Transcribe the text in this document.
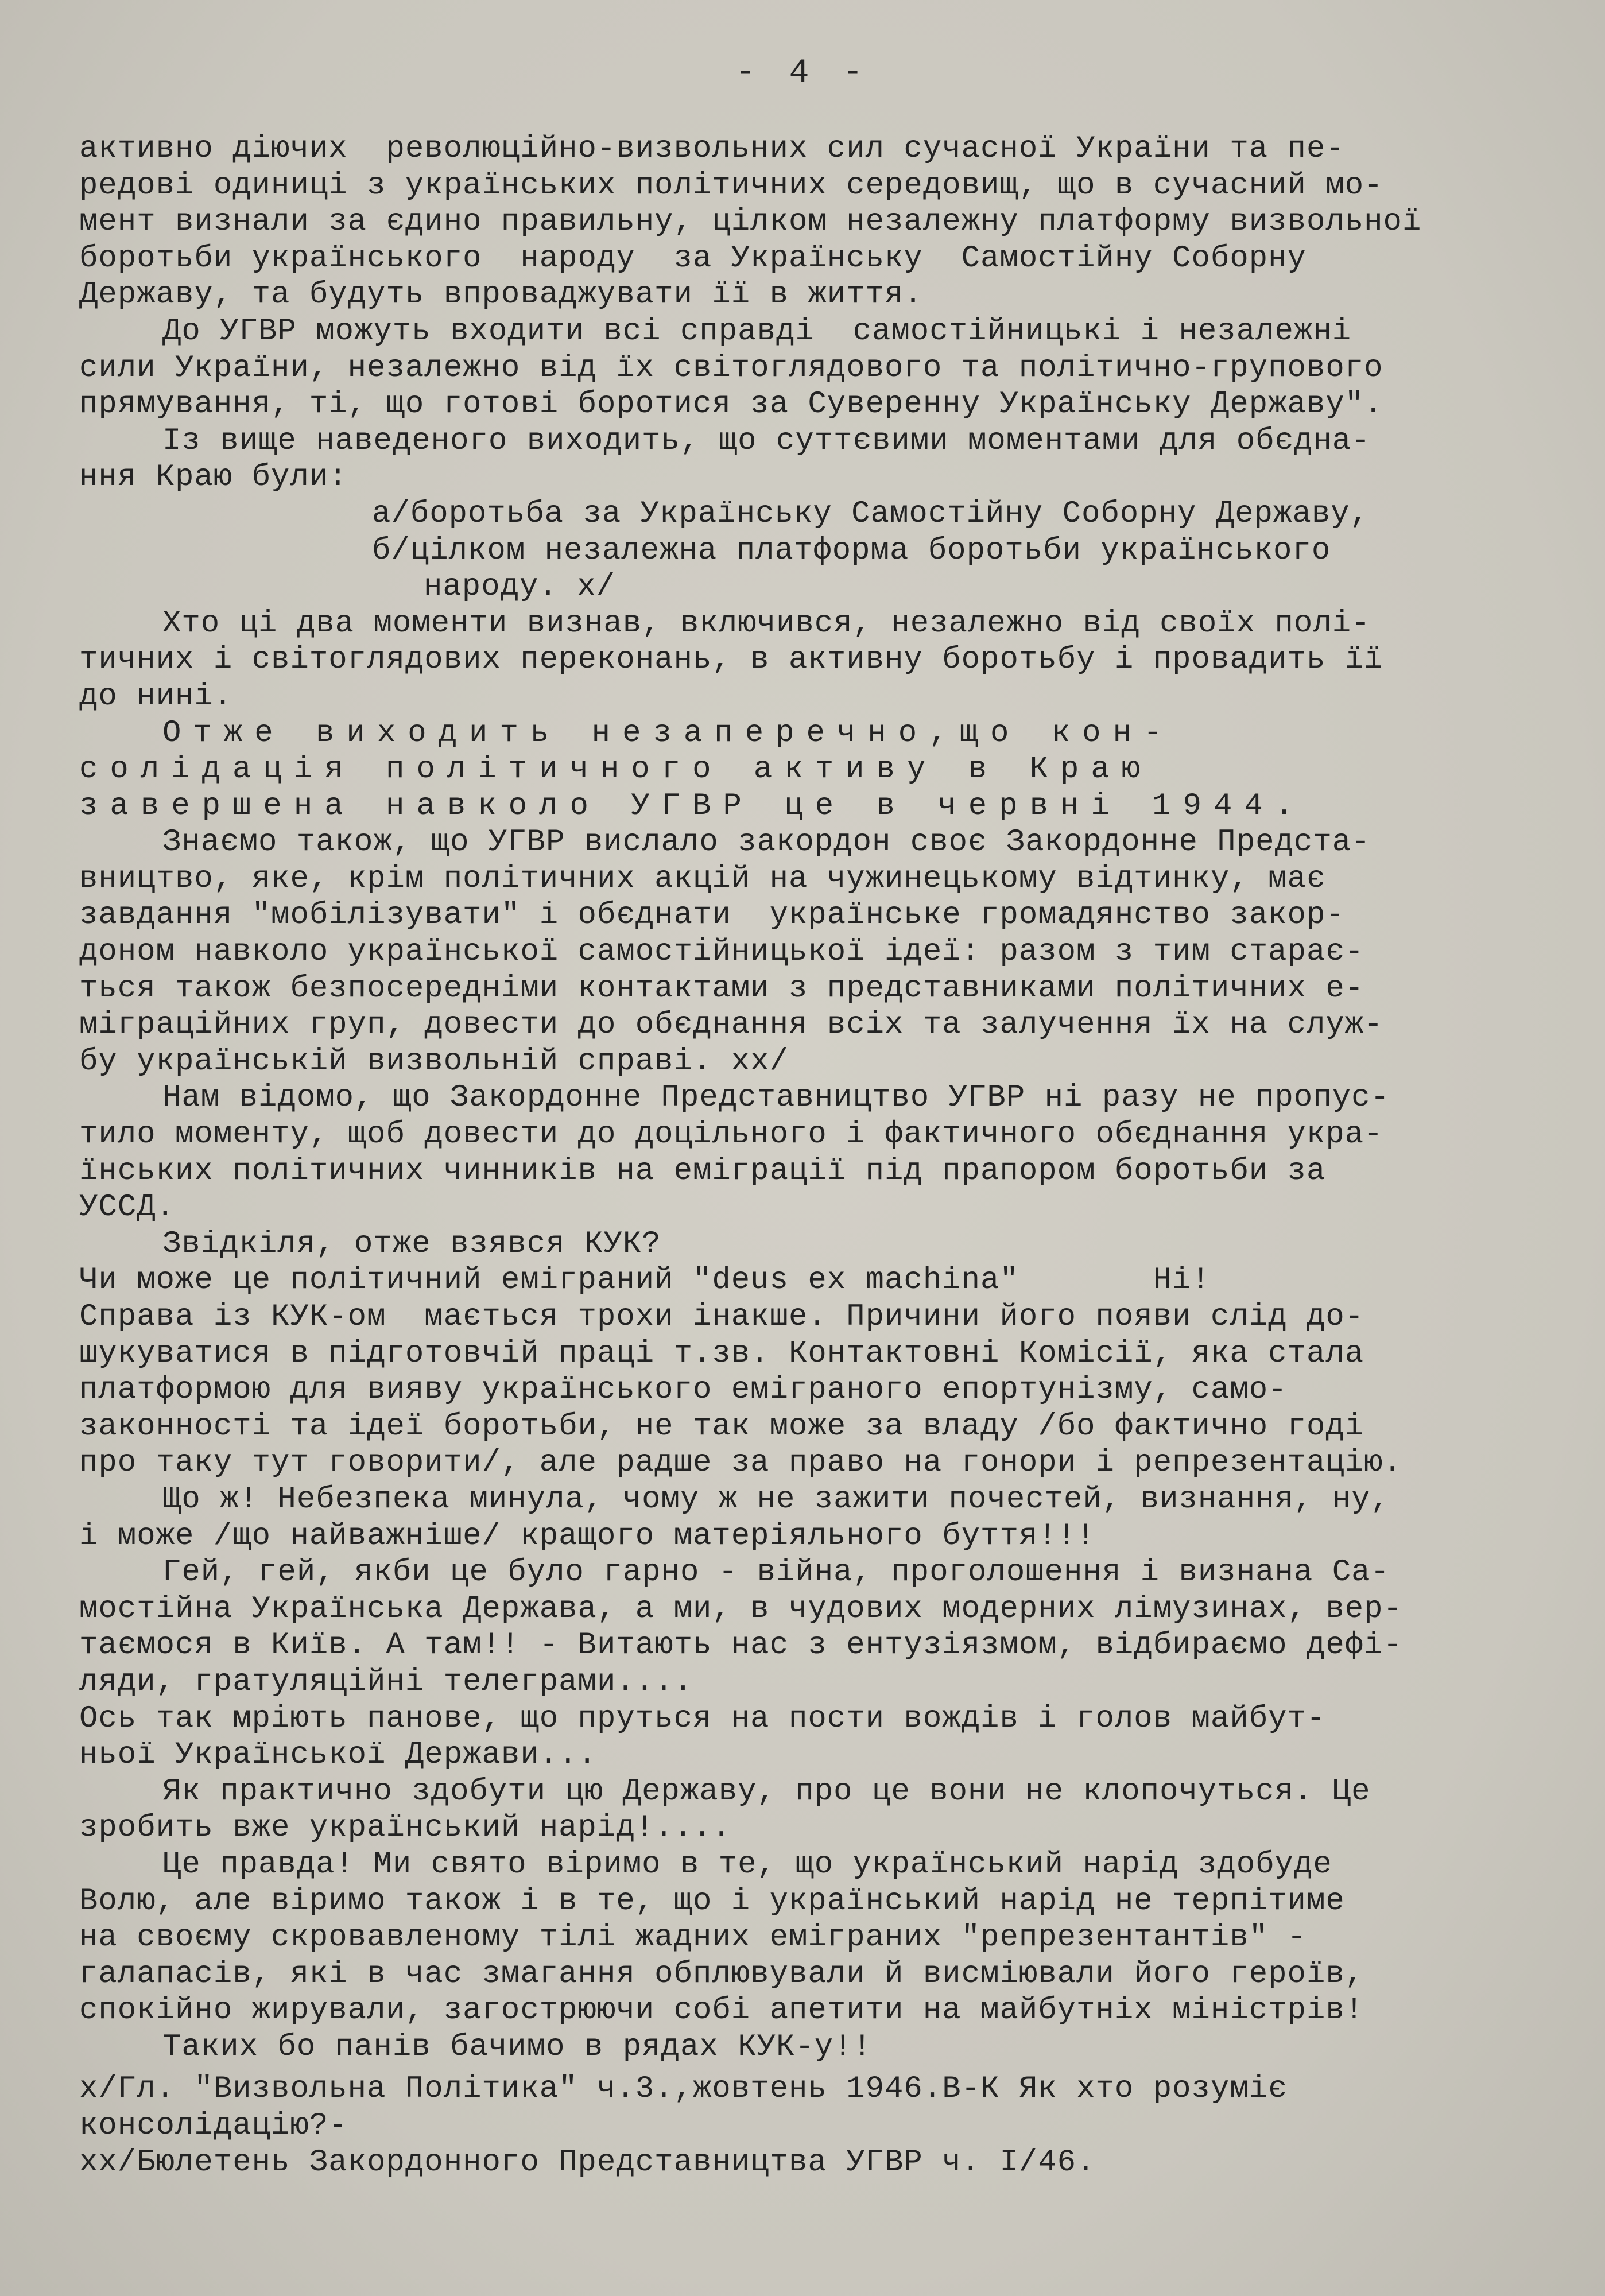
- 4 -
активно діючих  революційно-визвольних сил сучасної України та пе-
редові одиниці з українських політичних середовищ, що в сучасний мо-
мент визнали за єдино правильну, цілком незалежну платформу визвольної
боротьби українського  народу  за Українську  Самостійну Соборну
Державу, та будуть впроваджувати її в життя.
До УГВР можуть входити всі справді  самостійницькі і незалежні
сили України, незалежно від їх світоглядового та політично-групового
прямування, ті, що готові боротися за Суверенну Українську Державу".
Із вище наведеного виходить, що суттєвими моментами для обєдна-
ння Краю були:
а/боротьба за Українську Самостійну Соборну Державу,
б/цілком незалежна платформа боротьби українського
народу. х/
Хто ці два моменти визнав, включився, незалежно від своїх полі-
тичних і світоглядових переконань, в активну боротьбу і провадить її
до нині.
Отже виходить незаперечно,що кон-
солідація політичного активу в Краю
завершена навколо УГВР це в червні 1944.
Знаємо також, що УГВР вислало закордон своє Закордонне Предста-
вництво, яке, крім політичних акцій на чужинецькому відтинку, має
завдання "мобілізувати" і обєднати  українське громадянство закор-
доном навколо української самостійницької ідеї: разом з тим старає-
ться також безпосередніми контактами з представниками політичних е-
міграційних груп, довести до обєднання всіх та залучення їх на служ-
бу українській визвольній справі. хх/
Нам відомо, що Закордонне Представництво УГВР ні разу не пропус-
тило моменту, щоб довести до доцільного і фактичного обєднання укра-
їнських політичних чинників на еміграції під прапором боротьби за
УССД.
Звідкіля, отже взявся КУК?
Чи може це політичний еміграний "deus ex machina"       Ні!
Справа із КУК-ом  мається трохи інакше. Причини його появи слід до-
шукуватися в підготовчій праці т.зв. Контактовні Комісії, яка стала
платформою для вияву українського еміграного епортунізму, само-
законності та ідеї боротьби, не так може за владу /бо фактично годі
про таку тут говорити/, але радше за право на гонори і репрезентацію.
Що ж! Небезпека минула, чому ж не зажити почестей, визнання, ну,
і може /що найважніше/ кращого матеріяльного буття!!!
Гей, гей, якби це було гарно - війна, проголошення і визнана Са-
мостійна Українська Держава, а ми, в чудових модерних лімузинах, вер-
таємося в Київ. А там!! - Витають нас з ентузіязмом, відбираємо дефі-
ляди, гратуляційні телеграми....
Ось так мріють панове, що пруться на пости вождів і голов майбут-
ньої Української Держави...
Як практично здобути цю Державу, про це вони не клопочуться. Це
зробить вже український нарід!....
Це правда! Ми свято віримо в те, що український нарід здобуде
Волю, але віримо також і в те, що і український нарід не терпітиме
на своєму скровавленому тілі жадних еміграних "репрезентантів" -
галапасів, які в час змагання обплювували й висміювали його героїв,
спокійно жирували, загострюючи собі апетити на майбутніх міністрів!
Таких бо панів бачимо в рядах КУК-у!!
х/Гл. "Визвольна Політика" ч.3.,жовтень 1946.В-К Як хто розуміє
консолідацію?-
хх/Бюлетень Закордонного Представництва УГВР ч. І/46.
